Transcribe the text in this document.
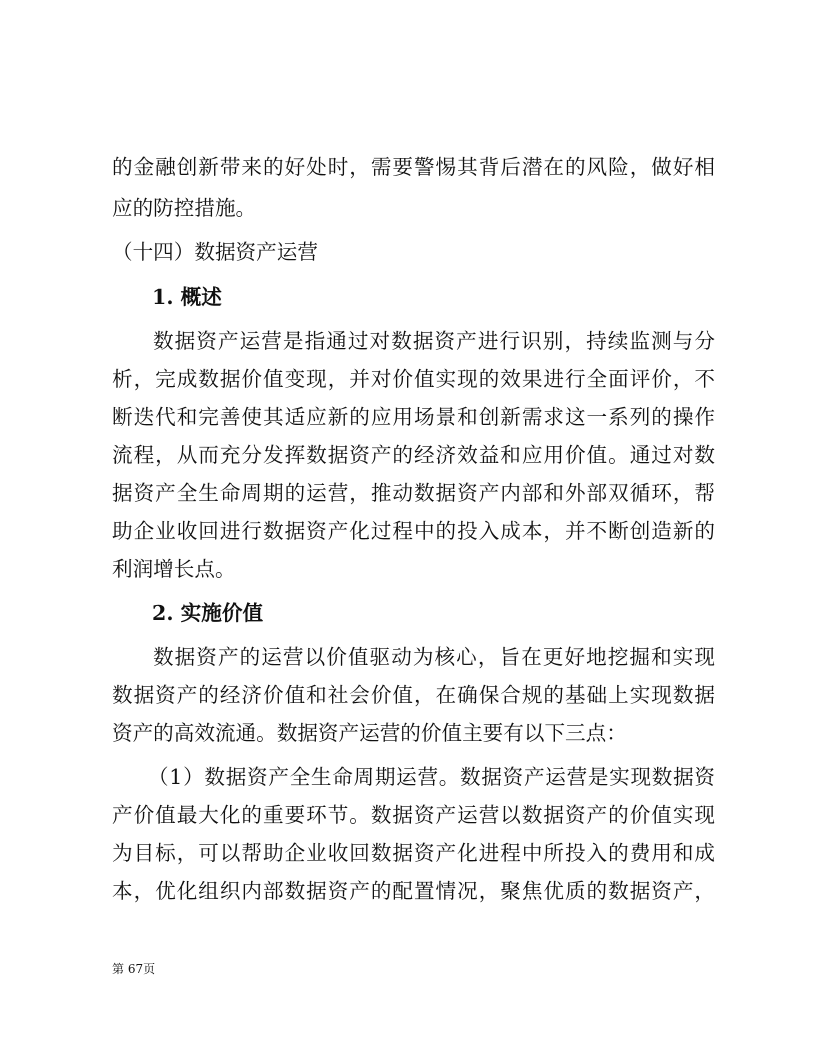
的金融创新带来的好处时，需要警惕其背后潜在的风险，做好相
应的防控措施。
（十四）数据资产运营
1. 概述
数据资产运营是指通过对数据资产进行识别，持续监测与分
析，完成数据价值变现，并对价值实现的效果进行全面评价，不
断迭代和完善使其适应新的应用场景和创新需求这一系列的操作
流程，从而充分发挥数据资产的经济效益和应用价值。通过对数
据资产全生命周期的运营，推动数据资产内部和外部双循环，帮
助企业收回进行数据资产化过程中的投入成本，并不断创造新的
利润增长点。
2. 实施价值
数据资产的运营以价值驱动为核心，旨在更好地挖掘和实现
数据资产的经济价值和社会价值，在确保合规的基础上实现数据
资产的高效流通。数据资产运营的价值主要有以下三点：
（1）数据资产全生命周期运营。数据资产运营是实现数据资
产价值最大化的重要环节。数据资产运营以数据资产的价值实现
为目标，可以帮助企业收回数据资产化进程中所投入的费用和成
本，优化组织内部数据资产的配置情况，聚焦优质的数据资产，
第 67页
